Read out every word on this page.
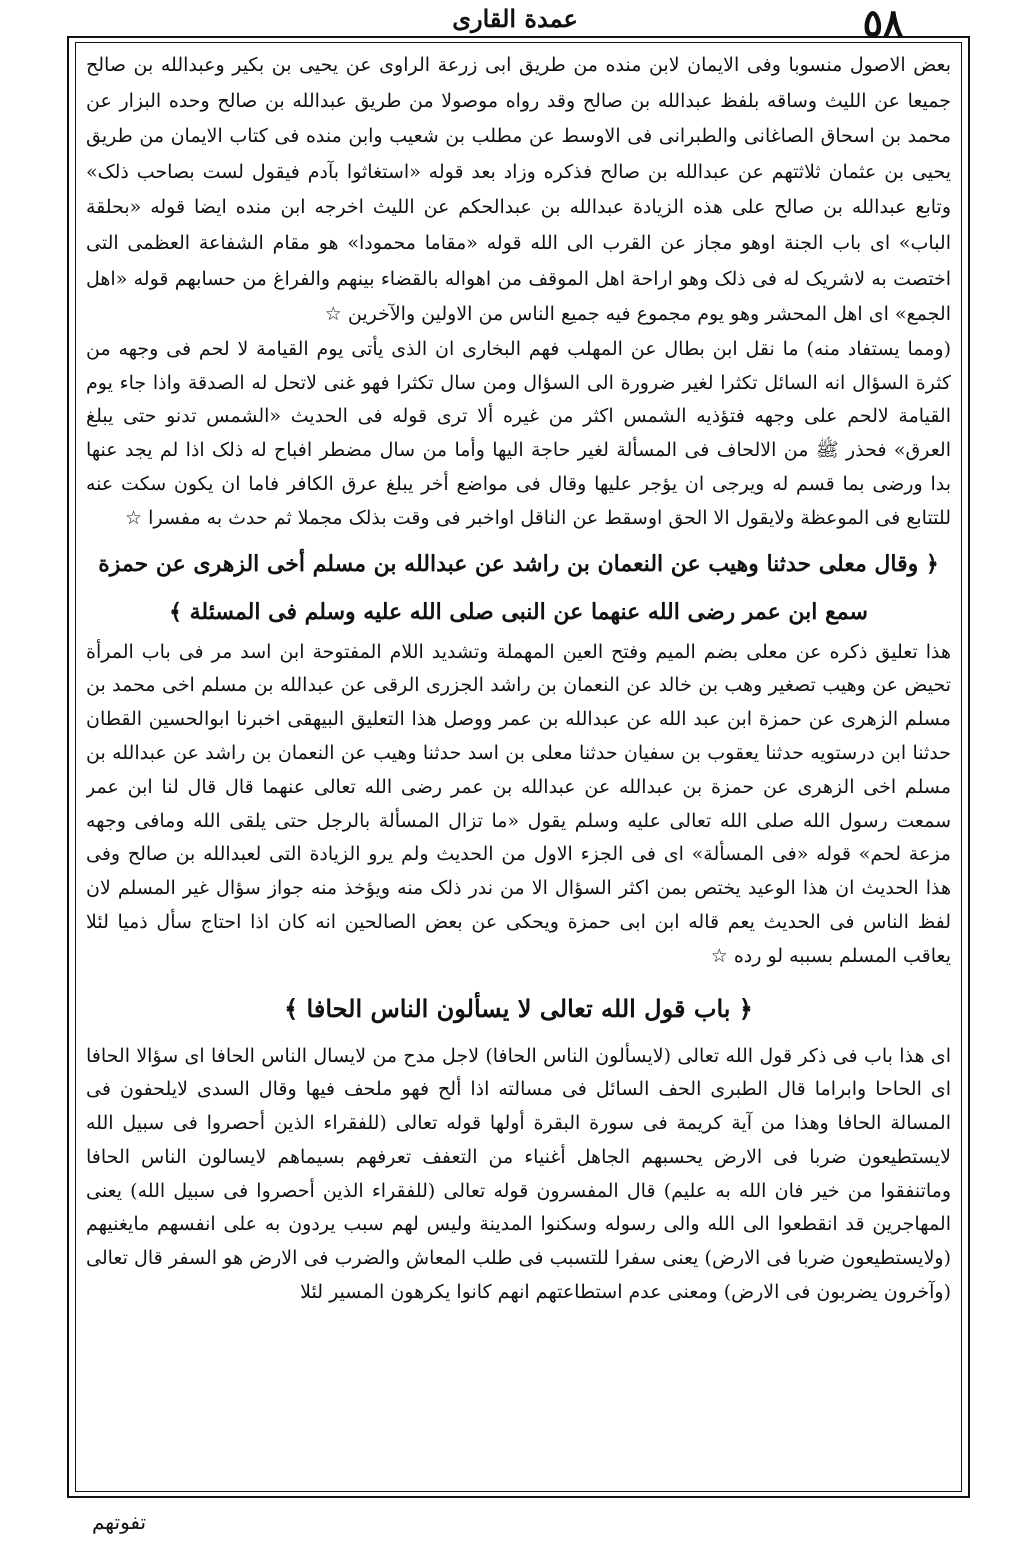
عمدة القاری	٥٨

بعض الاصول منسوبا وفی الایمان لابن منده من طریق ابی زرعة الراوی عن یحیی بن بکیر وعبدالله بن صالح جمیعا عن اللیث وساقه بلفظ عبدالله بن صالح وقد رواه موصولا من طریق عبدالله بن صالح وحده البزار عن محمد بن اسحاق الصاغانی والطبرانی فی الاوسط عن مطلب بن شعیب وابن منده فی کتاب الایمان من طریق یحیی بن عثمان ثلاثتهم عن عبدالله بن صالح فذکره وزاد بعد قوله «استغاثوا بآدم فیقول لست بصاحب ذلک» وتابع عبدالله بن صالح علی هذه الزیادة عبدالله بن عبدالحکم عن اللیث اخرجه ابن منده ایضا قوله «بحلقة الباب» ای باب الجنة اوهو مجاز عن القرب الی الله قوله «مقاما محمودا» هو مقام الشفاعة العظمی التی اختصت به لاشریک له فی ذلک وهو اراحة اهل الموقف من اهواله بالقضاء بینهم والفراغ من حسابهم قوله «اهل الجمع» ای اهل المحشر وهو یوم مجموع فیه جمیع الناس من الاولین والآخرین ☆

(ومما یستفاد منه) ما نقل ابن بطال عن المهلب فهم البخاری ان الذی یأتی یوم القیامة لا لحم فی وجهه من کثرة السؤال انه السائل تکثرا لغیر ضرورة الی السؤال ومن سال تکثرا فهو غنی لاتحل له الصدقة واذا جاء یوم القیامة لالحم علی وجهه فتؤذیه الشمس اکثر من غیره ألا تری قوله فی الحدیث «الشمس تدنو حتی یبلغ العرق» فحذر ﷺ من الالحاف فی المسألة لغیر حاجة الیها وأما من سال مضطر افباح له ذلک اذا لم یجد عنها بدا ورضی بما قسم له ویرجی ان یؤجر علیها وقال فی مواضع أخر یبلغ عرق الکافر فاما ان یکون سکت عنه للتتابع فی الموعظة ولایقول الا الحق اوسقط عن الناقل اواخبر فی وقت بذلک مجملا ثم حدث به مفسرا ☆

﴿ وقال معلی حدثنا وهیب عن النعمان بن راشد عن عبدالله بن مسلم أخی الزهری عن حمزة سمع ابن عمر رضی الله عنهما عن النبی صلی الله علیه وسلم فی المسئلة ﴾

هذا تعلیق ذکره عن معلی بضم المیم وفتح العین المهملة وتشدید اللام المفتوحة ابن اسد مر فی باب المرأة تحیض عن وهیب تصغیر وهب بن خالد عن النعمان بن راشد الجزری الرقی عن عبدالله بن مسلم اخی محمد بن مسلم الزهری عن حمزة ابن عبد الله عن عبدالله بن عمر ووصل هذا التعلیق البیهقی اخبرنا ابوالحسین القطان حدثنا ابن درستویه حدثنا یعقوب بن سفیان حدثنا معلی بن اسد حدثنا وهیب عن النعمان بن راشد عن عبدالله بن مسلم اخی الزهری عن حمزة بن عبدالله عن عبدالله بن عمر رضی الله تعالی عنهما قال قال لنا ابن عمر سمعت رسول الله صلی الله تعالی علیه وسلم یقول «ما تزال المسألة بالرجل حتی یلقی الله ومافی وجهه مزعة لحم» قوله «فی المسألة» ای فی الجزء الاول من الحدیث ولم یرو الزیادة التی لعبدالله بن صالح وفی هذا الحدیث ان هذا الوعید یختص بمن اکثر السؤال الا من ندر ذلک منه ویؤخذ منه جواز سؤال غیر المسلم لان لفظ الناس فی الحدیث یعم قاله ابن ابی حمزة ویحکی عن بعض الصالحین انه کان اذا احتاج سأل ذمیا لئلا یعاقب المسلم بسببه لو رده ☆

﴿ باب قول الله تعالی لا یسألون الناس الحافا ﴾

ای هذا باب فی ذکر قول الله تعالی (لایسألون الناس الحافا) لاجل مدح من لایسال الناس الحافا ای سؤالا الحافا ای الحاحا وابراما قال الطبری الحف السائل فی مسالته اذا ألح فهو ملحف فیها وقال السدی لایلحفون فی المسالة الحافا وهذا من آیة کریمة فی سورة البقرة أولها قوله تعالی (للفقراء الذین أحصروا فی سبیل الله لایستطیعون ضربا فی الارض یحسبهم الجاهل أغنیاء من التعفف تعرفهم بسیماهم لایسالون الناس الحافا وماتنفقوا من خیر فان الله به علیم) قال المفسرون قوله تعالی (للفقراء الذین أحصروا فی سبیل الله) یعنی المهاجرین قد انقطعوا الی الله والی رسوله وسکنوا المدینة ولیس لهم سبب یردون به علی انفسهم مایغنیهم (ولایستطیعون ضربا فی الارض) یعنی سفرا للتسبب فی طلب المعاش والضرب فی الارض هو السفر قال تعالی (وآخرون یضربون فی الارض) ومعنی عدم استطاعتهم انهم کانوا یکرهون المسیر لئلا

تفوتهم
